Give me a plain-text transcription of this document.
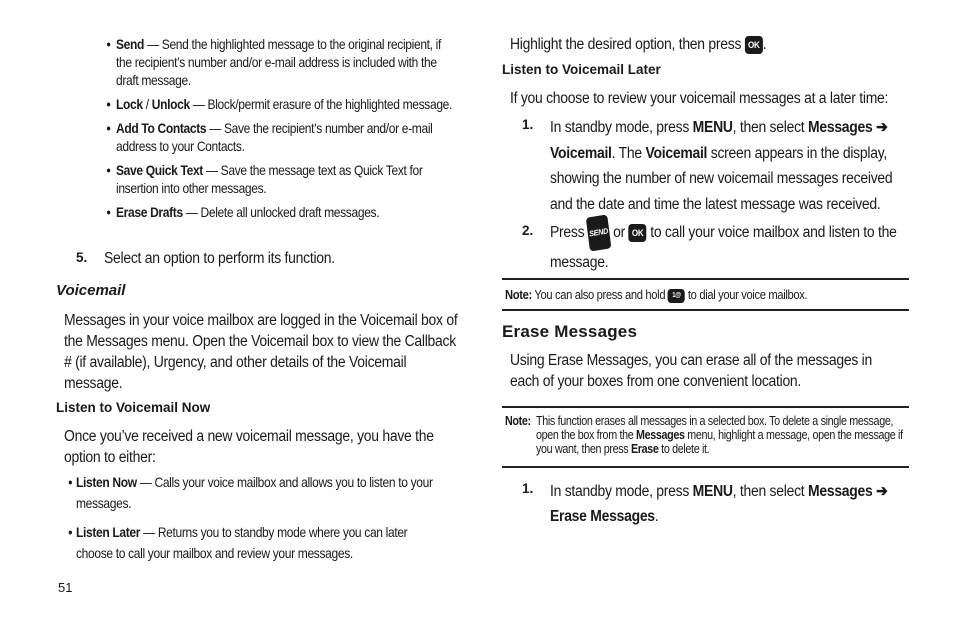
• Send — Send the highlighted message to the original recipient, if the recipient’s number and/or e-mail address is included with the draft message.
• Lock / Unlock — Block/permit erasure of the highlighted message.
• Add To Contacts — Save the recipient’s number and/or e-mail address to your Contacts.
• Save Quick Text — Save the message text as Quick Text for insertion into other messages.
• Erase Drafts — Delete all unlocked draft messages.
5. Select an option to perform its function.
Voicemail
Messages in your voice mailbox are logged in the Voicemail box of the Messages menu. Open the Voicemail box to view the Callback # (if available), Urgency, and other details of the Voicemail message.
Listen to Voicemail Now
Once you’ve received a new voicemail message, you have the option to either:
• Listen Now — Calls your voice mailbox and allows you to listen to your messages.
• Listen Later — Returns you to standby mode where you can later choose to call your mailbox and review your messages.
51
Highlight the desired option, then press OK .
Listen to Voicemail Later
If you choose to review your voicemail messages at a later time:
1. In standby mode, press MENU, then select Messages ➔ Voicemail. The Voicemail screen appears in the display, showing the number of new voicemail messages received and the date and time the latest message was received.
2. Press SEND or OK to call your voice mailbox and listen to the message.
Note: You can also press and hold 1@ to dial your voice mailbox.
Erase Messages
Using Erase Messages, you can erase all of the messages in each of your boxes from one convenient location.
Note: This function erases all messages in a selected box. To delete a single message, open the box from the Messages menu, highlight a message, open the message if you want, then press Erase to delete it.
1. In standby mode, press MENU, then select Messages ➔ Erase Messages.
